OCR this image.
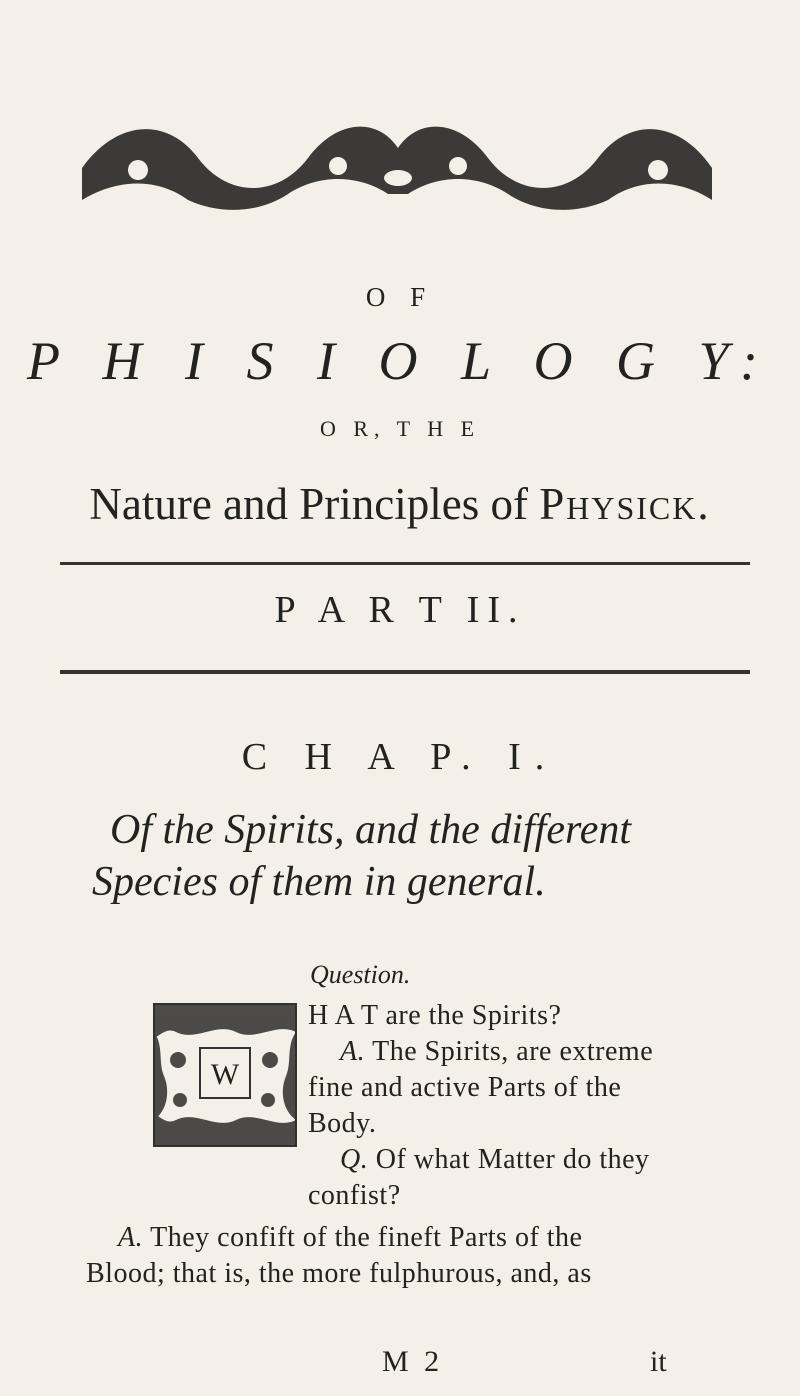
O F
P H I S I O L O G Y:
O R, T H E
Nature and Principles of Physick.
P A R T II.
C H A P. I.
Of the Spirits, and the different
Species of them in general.
Question.
W
H A T are the Spirits?
A. The Spirits, are extreme
fine and active Parts of the
Body.
Q. Of what Matter do they
confist?
A. They confift of the fineft Parts of the
Blood; that is, the more fulphurous, and, as
M 2	it
